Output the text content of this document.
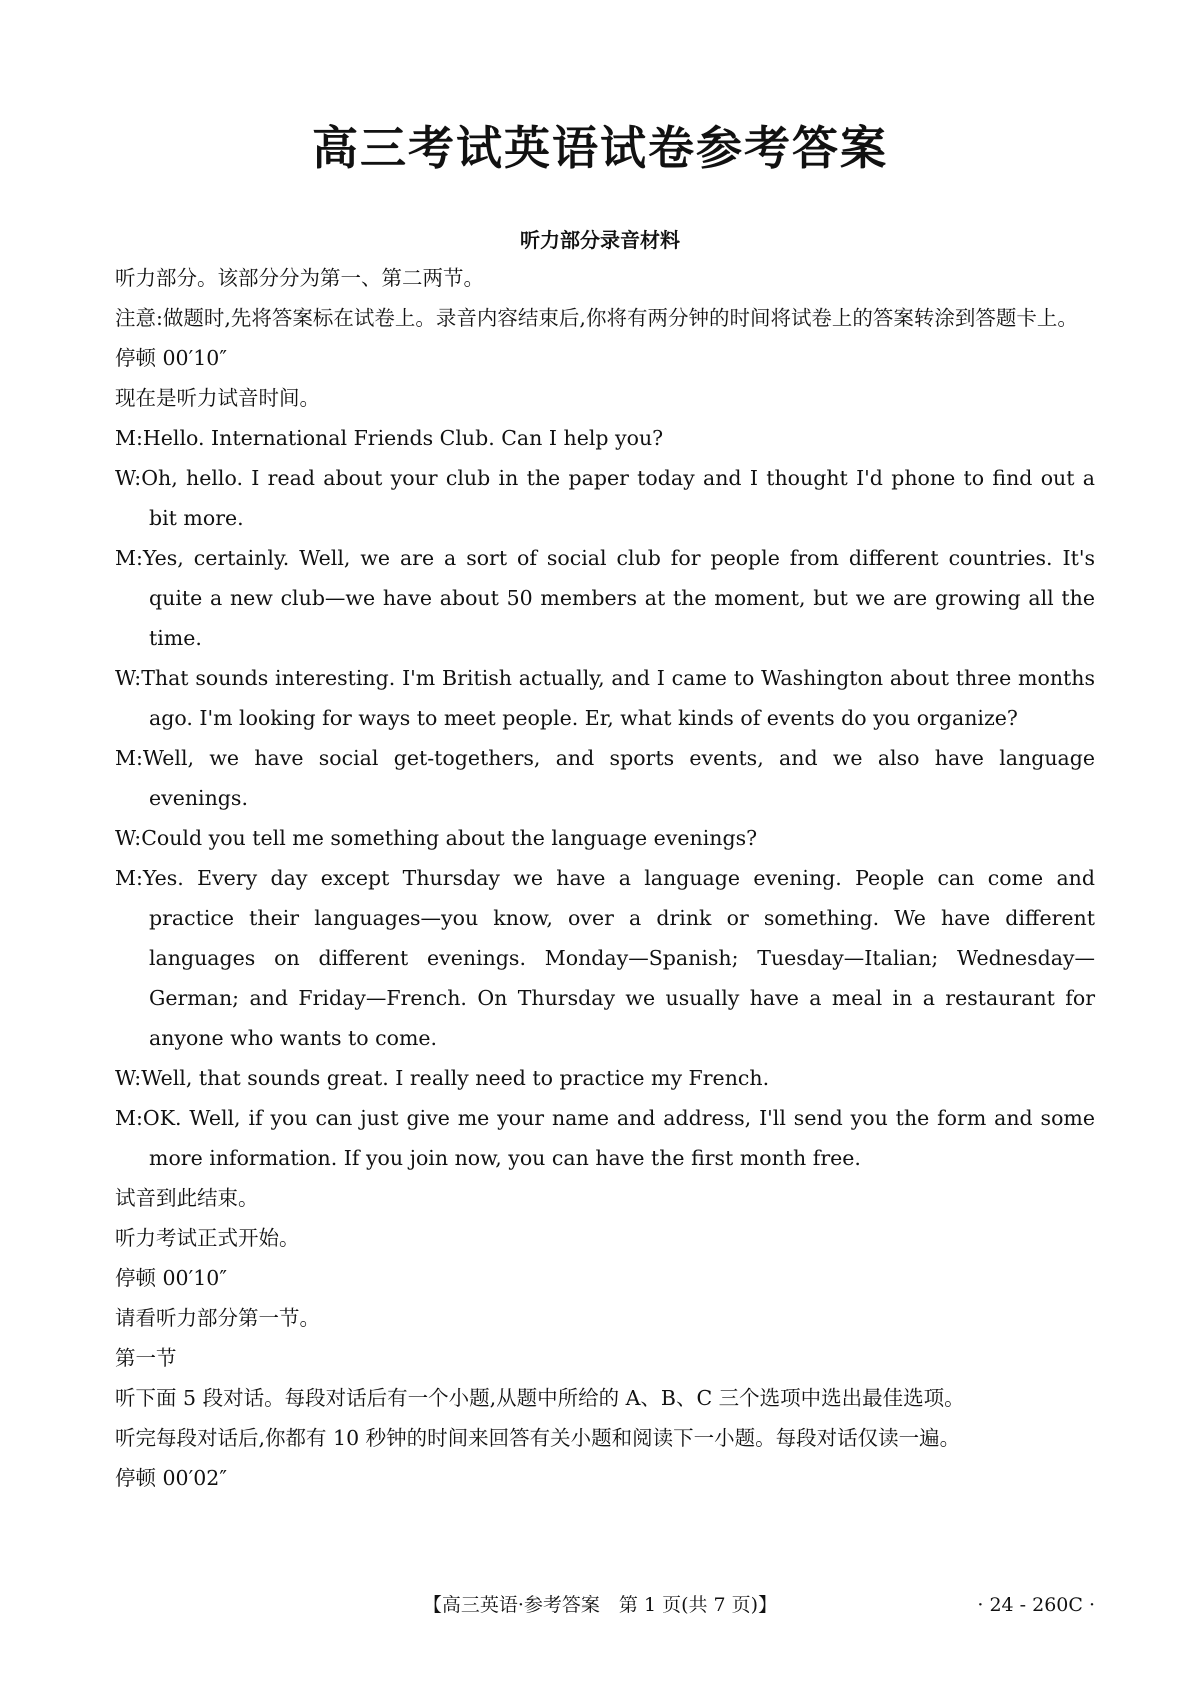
高三考试英语试卷参考答案
听力部分录音材料

听力部分。该部分分为第一、第二两节。

注意:做题时,先将答案标在试卷上。录音内容结束后,你将有两分钟的时间将试卷上的答案转涂到答题卡上。

停顿 00′10″

现在是听力试音时间。

M:Hello. International Friends Club. Can I help you?

W:Oh, hello. I read about your club in the paper today and I thought I'd phone to find out a bit more.

M:Yes, certainly. Well, we are a sort of social club for people from different countries. It's quite a new club—we have about 50 members at the moment, but we are growing all the time.

W:That sounds interesting. I'm British actually, and I came to Washington about three months ago. I'm looking for ways to meet people. Er, what kinds of events do you organize?

M:Well, we have social get-togethers, and sports events, and we also have language evenings.

W:Could you tell me something about the language evenings?

M:Yes. Every day except Thursday we have a language evening. People can come and practice their languages—you know, over a drink or something. We have different languages on different evenings. Monday—Spanish; Tuesday—Italian; Wednesday—German; and Friday—French. On Thursday we usually have a meal in a restaurant for anyone who wants to come.

W:Well, that sounds great. I really need to practice my French.

M:OK. Well, if you can just give me your name and address, I'll send you the form and some more information. If you join now, you can have the first month free.

试音到此结束。

听力考试正式开始。

停顿 00′10″

请看听力部分第一节。

第一节

听下面 5 段对话。每段对话后有一个小题,从题中所给的 A、B、C 三个选项中选出最佳选项。

听完每段对话后,你都有 10 秒钟的时间来回答有关小题和阅读下一小题。每段对话仅读一遍。

停顿 00′02″

【高三英语·参考答案　第 1 页(共 7 页)】	· 24 - 260C ·
